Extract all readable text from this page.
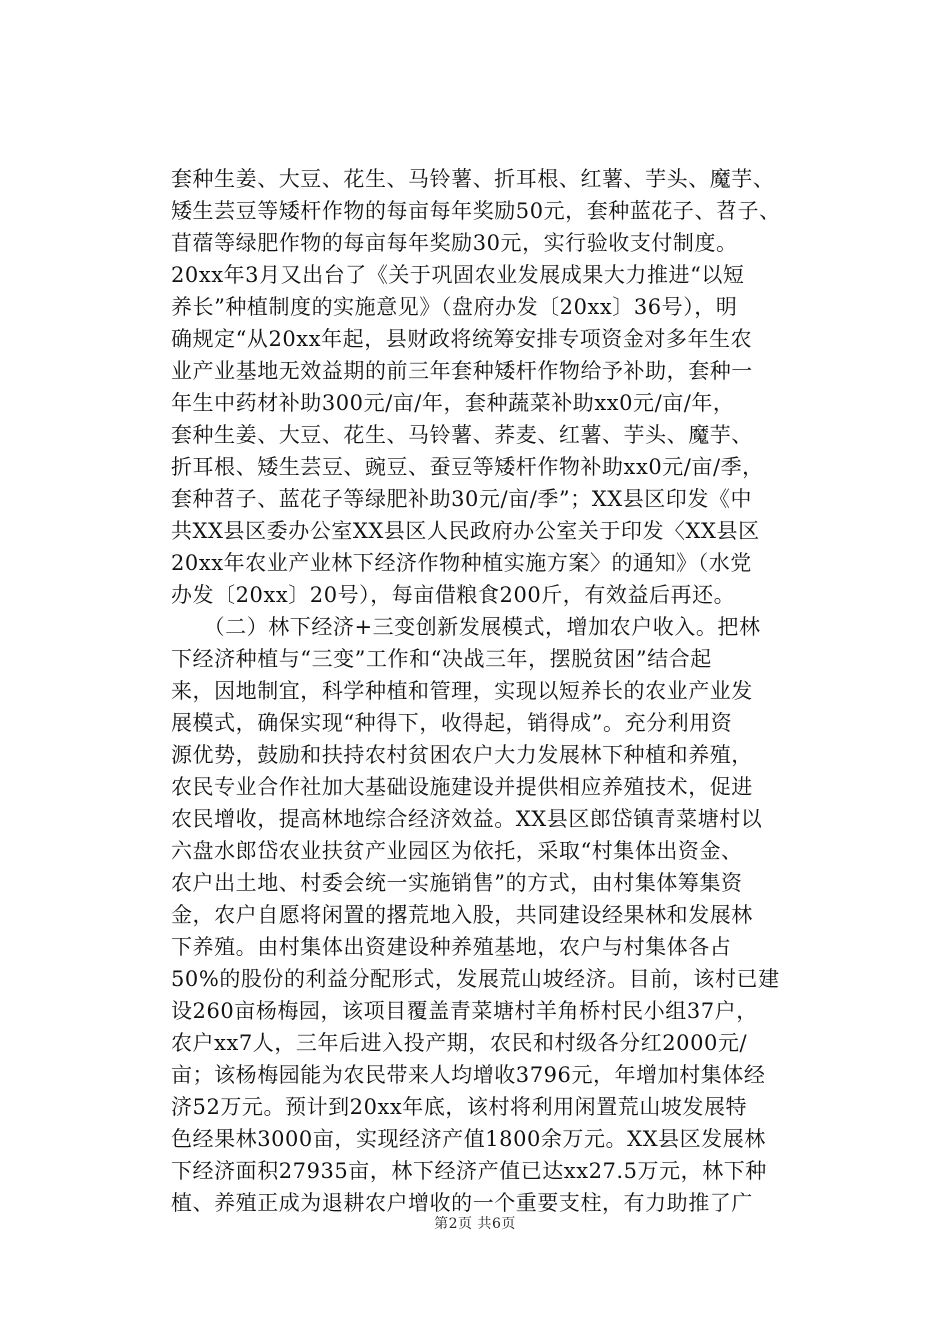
套种生姜、大豆、花生、马铃薯、折耳根、红薯、芋头、魔芋、
矮生芸豆等矮杆作物的每亩每年奖励50元，套种蓝花子、苕子、
苜蓿等绿肥作物的每亩每年奖励30元，实行验收支付制度。
20xx年3月又出台了《关于巩固农业发展成果大力推进“以短
养长”种植制度的实施意见》（盘府办发〔20xx〕36号），明
确规定“从20xx年起，县财政将统筹安排专项资金对多年生农
业产业基地无效益期的前三年套种矮杆作物给予补助，套种一
年生中药材补助300元/亩/年，套种蔬菜补助xx0元/亩/年，
套种生姜、大豆、花生、马铃薯、荞麦、红薯、芋头、魔芋、
折耳根、矮生芸豆、豌豆、蚕豆等矮杆作物补助xx0元/亩/季，
套种苕子、蓝花子等绿肥补助30元/亩/季”；XX县区印发《中
共XX县区委办公室XX县区人民政府办公室关于印发〈XX县区
20xx年农业产业林下经济作物种植实施方案〉的通知》（水党
办发〔20xx〕20号），每亩借粮食200斤，有效益后再还。
　　（二）林下经济+三变创新发展模式，增加农户收入。把林
下经济种植与“三变”工作和“决战三年，摆脱贫困”结合起
来，因地制宜，科学种植和管理，实现以短养长的农业产业发
展模式，确保实现“种得下，收得起，销得成”。充分利用资
源优势，鼓励和扶持农村贫困农户大力发展林下种植和养殖，
农民专业合作社加大基础设施建设并提供相应养殖技术，促进
农民增收，提高林地综合经济效益。XX县区郎岱镇青菜塘村以
六盘水郎岱农业扶贫产业园区为依托，采取“村集体出资金、
农户出土地、村委会统一实施销售”的方式，由村集体筹集资
金，农户自愿将闲置的撂荒地入股，共同建设经果林和发展林
下养殖。由村集体出资建设种养殖基地，农户与村集体各占
50%的股份的利益分配形式，发展荒山坡经济。目前，该村已建
设260亩杨梅园，该项目覆盖青菜塘村羊角桥村民小组37户，
农户xx7人，三年后进入投产期，农民和村级各分红2000元/
亩；该杨梅园能为农民带来人均增收3796元，年增加村集体经
济52万元。预计到20xx年底，该村将利用闲置荒山坡发展特
色经果林3000亩，实现经济产值1800余万元。XX县区发展林
下经济面积27935亩，林下经济产值已达xx27.5万元，林下种
植、养殖正成为退耕农户增收的一个重要支柱，有力助推了广
第2页 共6页
